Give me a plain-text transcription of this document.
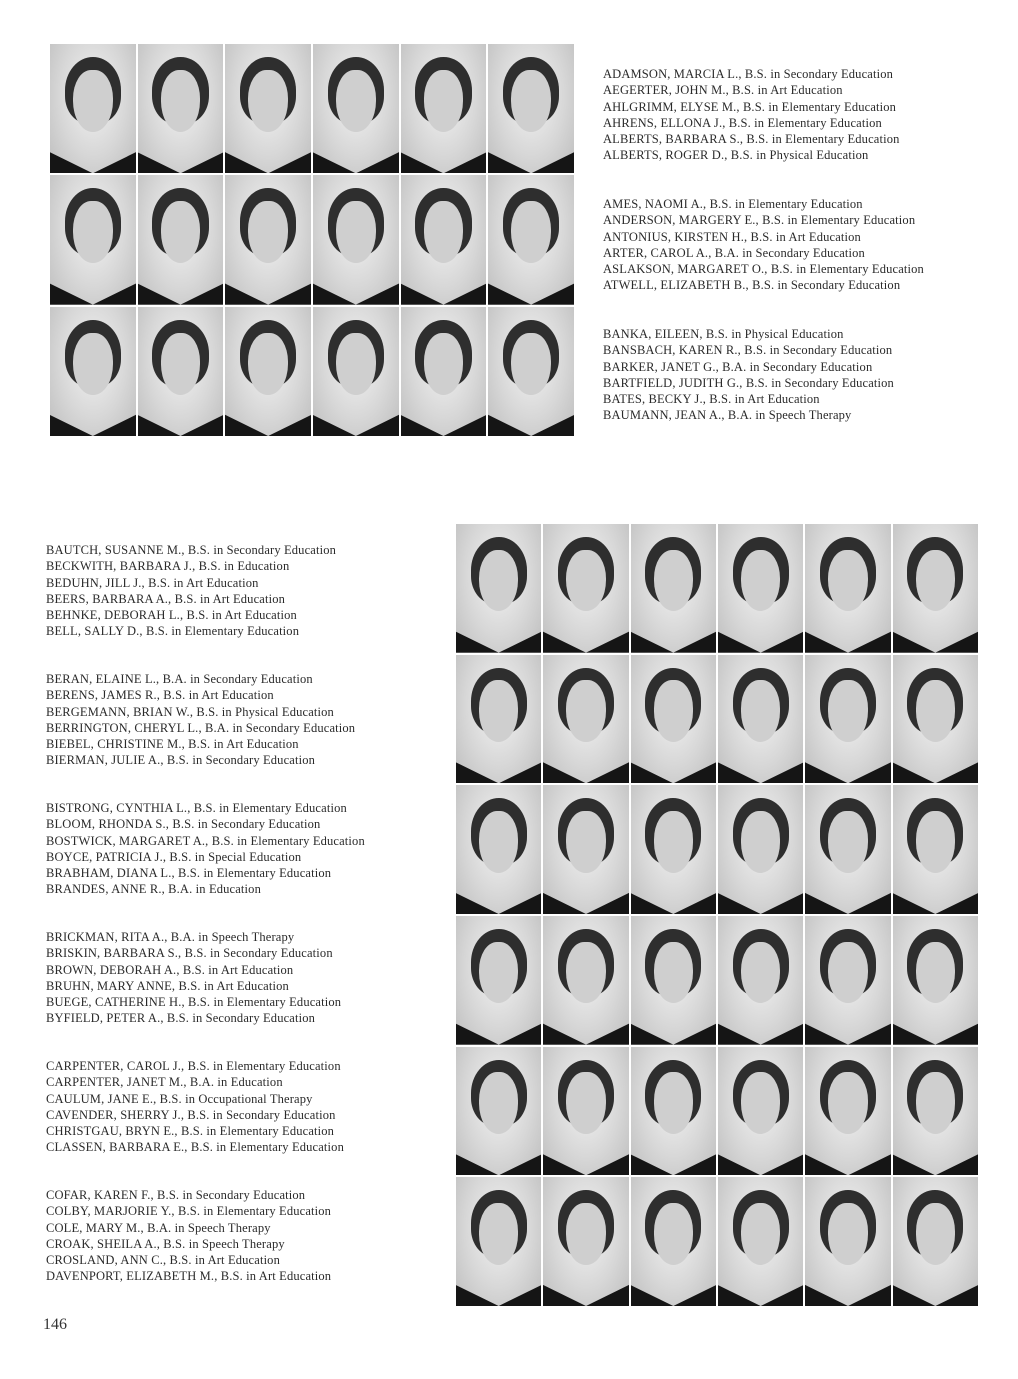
ADAMSON, MARCIA L., B.S. in Secondary Education
AEGERTER, JOHN M., B.S. in Art Education
AHLGRIMM, ELYSE M., B.S. in Elementary Education
AHRENS, ELLONA J., B.S. in Elementary Education
ALBERTS, BARBARA S., B.S. in Elementary Education
ALBERTS, ROGER D., B.S. in Physical Education
AMES, NAOMI A., B.S. in Elementary Education
ANDERSON, MARGERY E., B.S. in Elementary Education
ANTONIUS, KIRSTEN H., B.S. in Art Education
ARTER, CAROL A., B.A. in Secondary Education
ASLAKSON, MARGARET O., B.S. in Elementary Education
ATWELL, ELIZABETH B., B.S. in Secondary Education
BANKA, EILEEN, B.S. in Physical Education
BANSBACH, KAREN R., B.S. in Secondary Education
BARKER, JANET G., B.A. in Secondary Education
BARTFIELD, JUDITH G., B.S. in Secondary Education
BATES, BECKY J., B.S. in Art Education
BAUMANN, JEAN A., B.A. in Speech Therapy
BAUTCH, SUSANNE M., B.S. in Secondary Education
BECKWITH, BARBARA J., B.S. in Education
BEDUHN, JILL J., B.S. in Art Education
BEERS, BARBARA A., B.S. in Art Education
BEHNKE, DEBORAH L., B.S. in Art Education
BELL, SALLY D., B.S. in Elementary Education
BERAN, ELAINE L., B.A. in Secondary Education
BERENS, JAMES R., B.S. in Art Education
BERGEMANN, BRIAN W., B.S. in Physical Education
BERRINGTON, CHERYL L., B.A. in Secondary Education
BIEBEL, CHRISTINE M., B.S. in Art Education
BIERMAN, JULIE A., B.S. in Secondary Education
BISTRONG, CYNTHIA L., B.S. in Elementary Education
BLOOM, RHONDA S., B.S. in Secondary Education
BOSTWICK, MARGARET A., B.S. in Elementary Education
BOYCE, PATRICIA J., B.S. in Special Education
BRABHAM, DIANA L., B.S. in Elementary Education
BRANDES, ANNE R., B.A. in Education
BRICKMAN, RITA A., B.A. in Speech Therapy
BRISKIN, BARBARA S., B.S. in Secondary Education
BROWN, DEBORAH A., B.S. in Art Education
BRUHN, MARY ANNE, B.S. in Art Education
BUEGE, CATHERINE H., B.S. in Elementary Education
BYFIELD, PETER A., B.S. in Secondary Education
CARPENTER, CAROL J., B.S. in Elementary Education
CARPENTER, JANET M., B.A. in Education
CAULUM, JANE E., B.S. in Occupational Therapy
CAVENDER, SHERRY J., B.S. in Secondary Education
CHRISTGAU, BRYN E., B.S. in Elementary Education
CLASSEN, BARBARA E., B.S. in Elementary Education
COFAR, KAREN F., B.S. in Secondary Education
COLBY, MARJORIE Y., B.S. in Elementary Education
COLE, MARY M., B.A. in Speech Therapy
CROAK, SHEILA A., B.S. in Speech Therapy
CROSLAND, ANN C., B.S. in Art Education
DAVENPORT, ELIZABETH M., B.S. in Art Education
146
